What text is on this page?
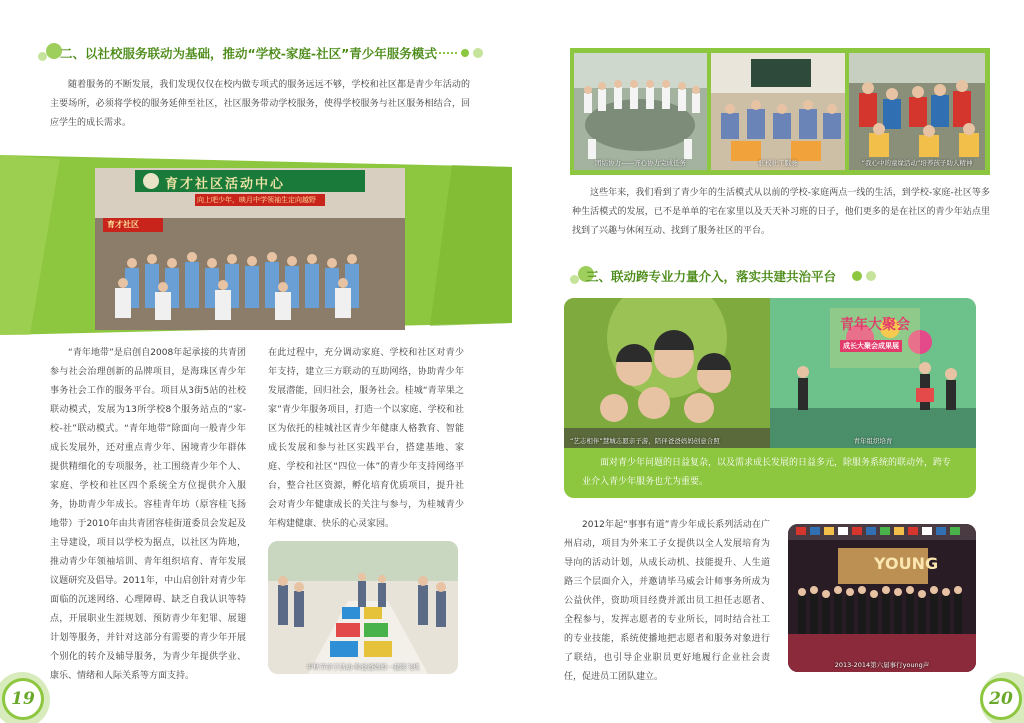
二、以社校服务联动为基础，推动“学校-家庭-社区”青少年服务模式

随着服务的不断发展，我们发现仅仅在校内做专项式的服务远远不够，学校和社区都是青少年活动的主要场所，必须将学校的服务延伸至社区，社区服务带动学校服务，使得学校服务与社区服务相结合，回应学生的成长需求。

育才社区活动中心
向上吧少年，映月中学领袖生定向越野
育才社区

“青年地带”是启创自2008年起承接的共青团参与社会治理创新的品牌项目，是海珠区青少年事务社会工作的服务平台。项目从3街5站的社校联动模式，发展为13所学校8个服务站点的“家-校-社”联动模式。“青年地带”除面向一般青少年成长发展外，还对重点青少年、困境青少年群体提供精细化的专项服务，社工围绕青少年个人、家庭、学校和社区四个系统全方位提供介入服务，协助青少年成长。容桂青年坊（原容桂飞扬地带）于2010年由共青团容桂街道委员会发起及主导建设，项目以学校为据点，以社区为阵地，推动青少年领袖培训、青年组织培育、青年发展议题研究及倡导。2011年，中山启创针对青少年面临的沉迷网络、心理障碍、缺乏自我认识等特点，开展职业生涯规划、预防青少年犯罪、展翅计划等服务，并针对这部分有需要的青少年开展个别化的转介及辅导服务，为青少年提供学业、康乐、情绪和人际关系等方面支持。

在此过程中，充分调动家庭、学校和社区对青少年支持，建立三方联动的互助网络，协助青少年发展潜能，回归社会，服务社会。桂城“青苹果之家”青少年服务项目，打造一个以家庭、学校和社区为依托的桂城社区青少年健康人格教育、智能成长发展和参与社区实践平台，搭建基地、家庭、学校和社区“四位一体”的青少年支持网络平台，整合社区资源，孵化培育优质项目，提升社会对青少年健康成长的关注与参与，为桂城青少年构建健康、快乐的心灵家园。

中秋节亲子活动-和爸爸妈妈一起跳飞机
19
团结协力——齐心协力完成任务	驻校社工服务	“我心中的童缘活动”培养孩子助人精神

这些年来，我们看到了青少年的生活模式从以前的学校-家庭两点一线的生活，到学校-家庭-社区等多种生活模式的发展，已不是单单的宅在家里以及天天补习班的日子，他们更多的是在社区的青少年站点里找到了兴趣与休闲互动、找到了服务社区的平台。

三、联动跨专业力量介入，落实共建共治平台
“艺志相伴”慧城志愿亲子游，陪伴爸爸妈妈创意合照
青年大聚会
成长大聚会成果展
青年组织培育

面对青少年问题的日益复杂，以及需求成长发展的日益多元，除服务系统的联动外，跨专业介入青少年服务也尤为重要。

2012年起“事事有道”青少年成长系列活动在广州启动，项目为外来工子女提供以全人发展培育为导向的活动计划，从成长动机、技能提升、人生道路三个层面介入，并邀请毕马威会计师事务所成为公益伙伴，资助项目经费并派出员工担任志愿者、全程参与，发挥志愿者的专业所长，同时结合社工的专业技能，系统使播地把志愿者和服务对象进行了联结，也引导企业职员更好地履行企业社会责任，促进员工团队建立。

YOUNG
2013-2014第六届事行young声
20
